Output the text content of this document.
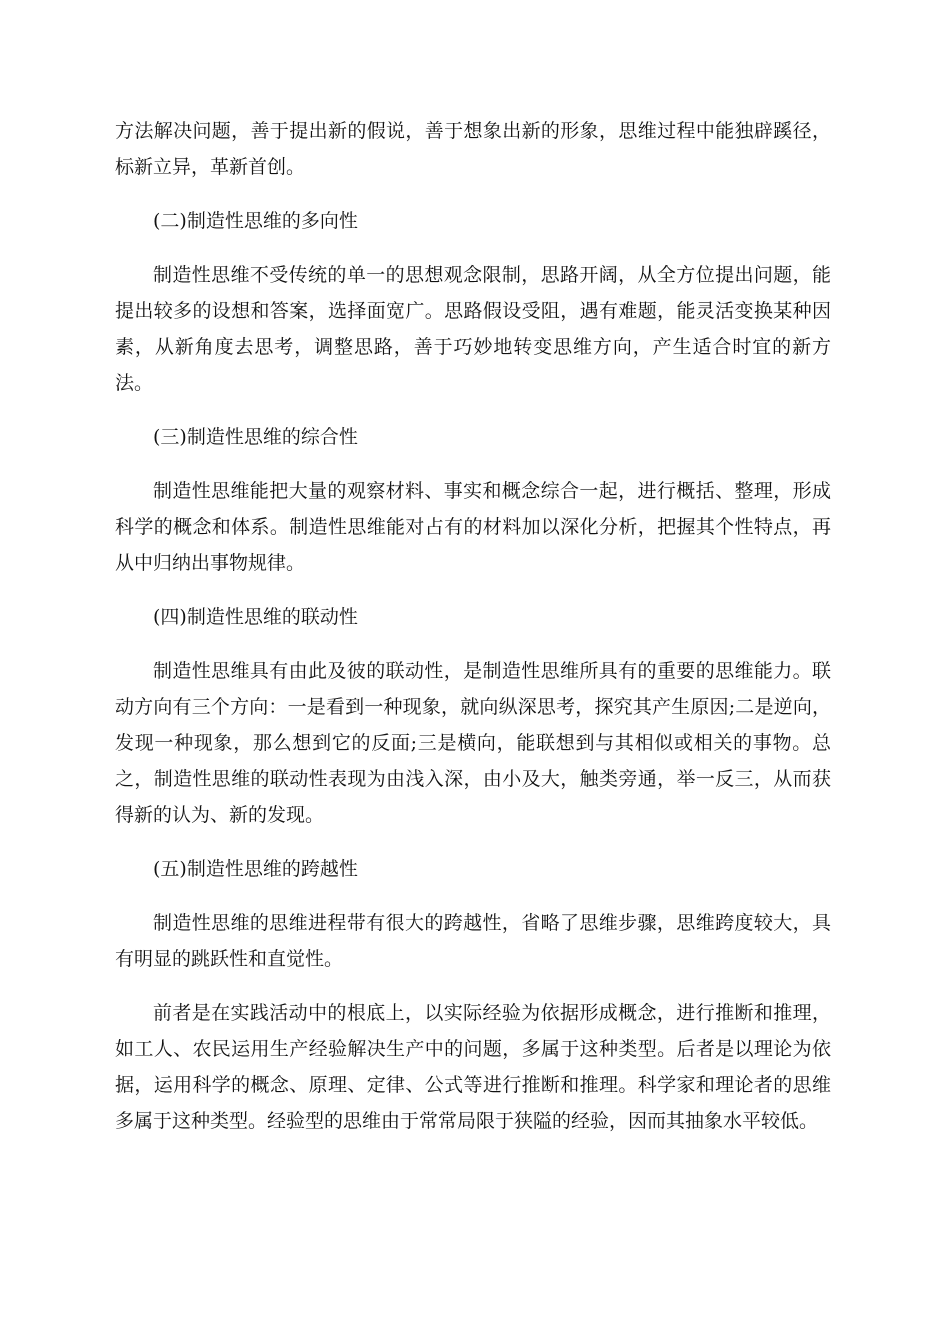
方法解决问题，善于提出新的假说，善于想象出新的形象，思维过程中能独辟蹊径，标新立异，革新首创。

(二)制造性思维的多向性

制造性思维不受传统的单一的思想观念限制，思路开阔，从全方位提出问题，能提出较多的设想和答案，选择面宽广。思路假设受阻，遇有难题，能灵活变换某种因素，从新角度去思考，调整思路，善于巧妙地转变思维方向，产生适合时宜的新方法。

(三)制造性思维的综合性

制造性思维能把大量的观察材料、事实和概念综合一起，进行概括、整理，形成科学的概念和体系。制造性思维能对占有的材料加以深化分析，把握其个性特点，再从中归纳出事物规律。

(四)制造性思维的联动性

制造性思维具有由此及彼的联动性，是制造性思维所具有的重要的思维能力。联动方向有三个方向：一是看到一种现象，就向纵深思考，探究其产生原因;二是逆向，发现一种现象，那么想到它的反面;三是横向，能联想到与其相似或相关的事物。总之，制造性思维的联动性表现为由浅入深，由小及大，触类旁通，举一反三，从而获得新的认为、新的发现。

(五)制造性思维的跨越性

制造性思维的思维进程带有很大的跨越性，省略了思维步骤，思维跨度较大，具有明显的跳跃性和直觉性。

前者是在实践活动中的根底上，以实际经验为依据形成概念，进行推断和推理，如工人、农民运用生产经验解决生产中的问题，多属于这种类型。后者是以理论为依据，运用科学的概念、原理、定律、公式等进行推断和推理。科学家和理论者的思维多属于这种类型。经验型的思维由于常常局限于狭隘的经验，因而其抽象水平较低。
